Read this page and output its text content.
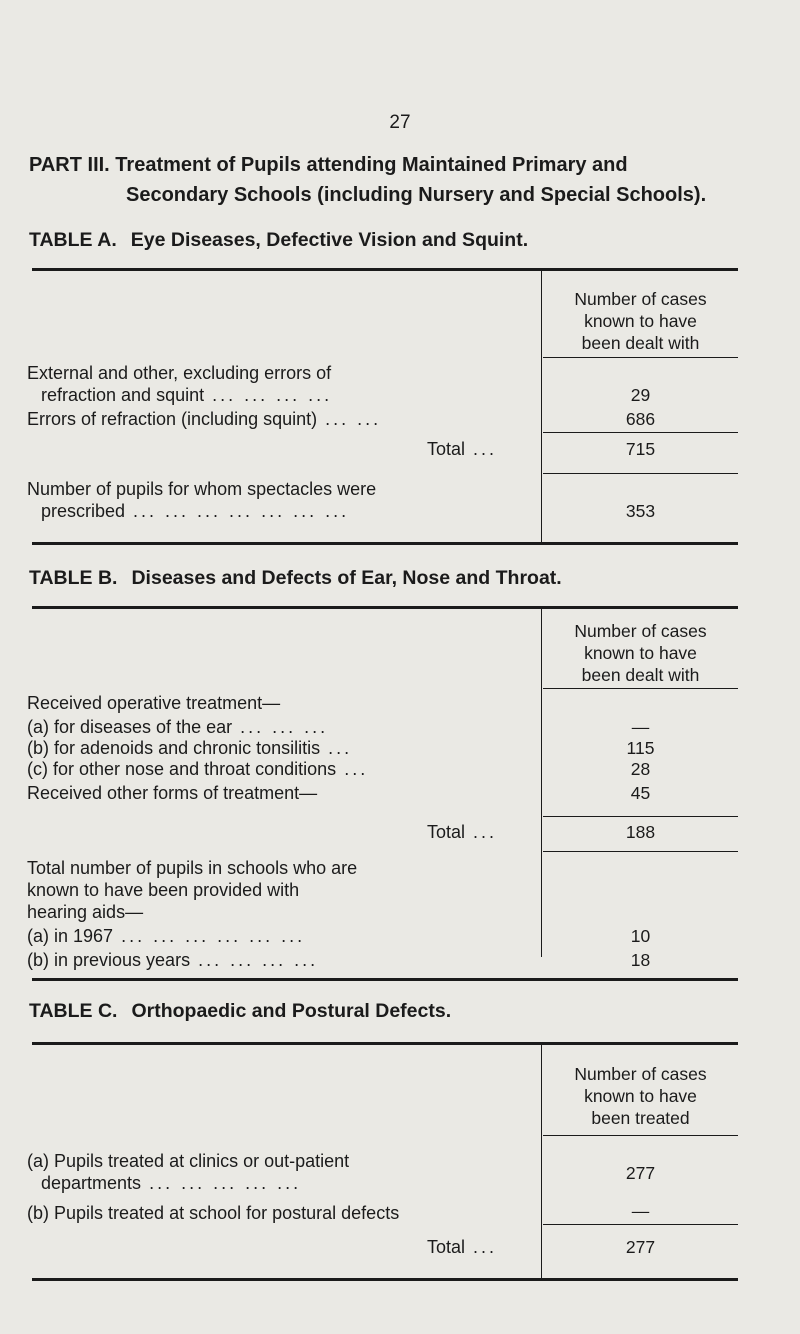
27
PART III. Treatment of Pupils attending Maintained Primary and
Secondary Schools (including Nursery and Special Schools).
TABLE A. Eye Diseases, Defective Vision and Squint.
Number of cases
known to have
been dealt with
External and other, excluding errors of
refraction and squint ... ... ... ...	29
Errors of refraction (including squint) ... ...	686
Total ...	715
Number of pupils for whom spectacles were
prescribed ... ... ... ... ... ... ...	353
TABLE B. Diseases and Defects of Ear, Nose and Throat.
Number of cases
known to have
been dealt with
Received operative treatment—
(a) for diseases of the ear ... ... ...	—
(b) for adenoids and chronic tonsilitis ...	115
(c) for other nose and throat conditions ...	28
Received other forms of treatment—	45
Total ...	188
Total number of pupils in schools who are
known to have been provided with
hearing aids—
(a) in 1967 ... ... ... ... ... ...	10
(b) in previous years ... ... ... ...	18
TABLE C. Orthopaedic and Postural Defects.
Number of cases
known to have
been treated
(a) Pupils treated at clinics or out-patient
departments ... ... ... ... ...	277
(b) Pupils treated at school for postural defects	—
Total ...	277
